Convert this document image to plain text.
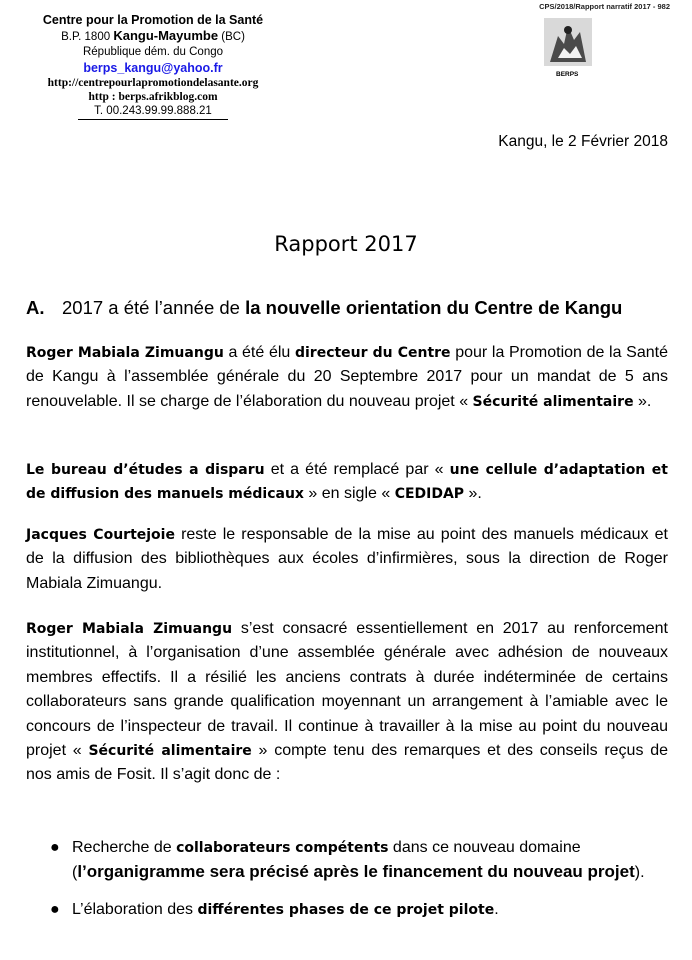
Centre pour la Promotion de la Santé
B.P. 1800 Kangu-Mayumbe (BC)
République dém. du Congo
berps_kangu@yahoo.fr
http://centrepourlapromotiondelasante.org
http : berps.afrikblog.com
T. 00.243.99.99.888.21
CPS/2018/Rapport narratif 2017 - 982
BERPS
Kangu, le 2 Février 2018
Rapport 2017
A. 2017 a été l’année de la nouvelle orientation du Centre de Kangu
Roger Mabiala Zimuangu a été élu directeur du Centre pour la Promotion de la Santé de Kangu à l’assemblée générale du 20 Septembre 2017 pour un mandat de 5 ans renouvelable. Il se charge de l’élaboration du nouveau projet « Sécurité alimentaire ».
Le bureau d’études a disparu et a été remplacé par « une cellule d’adaptation et de diffusion des manuels médicaux » en sigle « CEDIDAP ».
Jacques Courtejoie reste le responsable de la mise au point des manuels médicaux et de la diffusion des bibliothèques aux écoles d’infirmières, sous la direction de Roger Mabiala Zimuangu.
Roger Mabiala Zimuangu s’est consacré essentiellement en 2017 au renforcement institutionnel, à l’organisation d’une assemblée générale avec adhésion de nouveaux membres effectifs. Il a résilié les anciens contrats à durée indéterminée de certains collaborateurs sans grande qualification moyennant un arrangement à l’amiable avec le concours de l’inspecteur de travail. Il continue à travailler à la mise au point du nouveau projet « Sécurité alimentaire » compte tenu des remarques et des conseils reçus de nos amis de Fosit. Il s’agit donc de :
● Recherche de collaborateurs compétents dans ce nouveau domaine (l’organigramme sera précisé après le financement du nouveau projet).
● L’élaboration des différentes phases de ce projet pilote.
